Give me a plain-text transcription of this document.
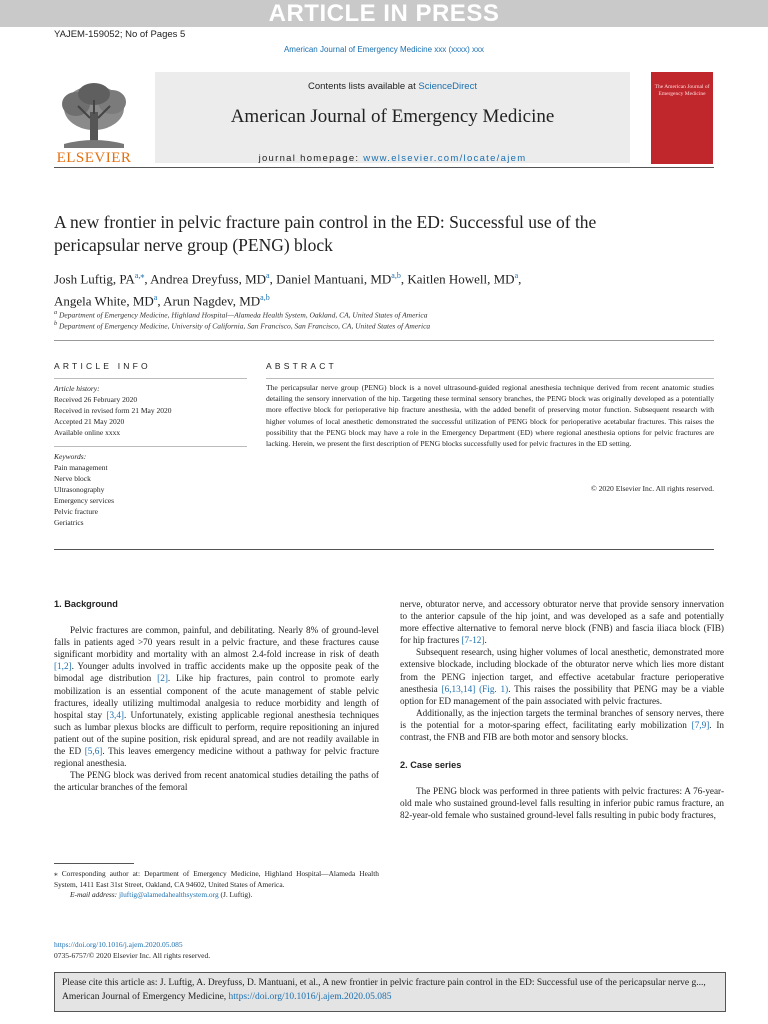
ARTICLE IN PRESS
YAJEM-159052; No of Pages 5
American Journal of Emergency Medicine xxx (xxxx) xxx
Contents lists available at ScienceDirect
American Journal of Emergency Medicine
journal homepage: www.elsevier.com/locate/ajem
ELSEVIER
The American Journal of Emergency Medicine
A new frontier in pelvic fracture pain control in the ED: Successful use of the pericapsular nerve group (PENG) block
Josh Luftig, $PA^{a,⁎}$, Andrea Dreyfuss, $MD^a$, Daniel Mantuani, MD$^{a,b}$, Kaitlen Howell, $MD^a$,
Angela White, $MD^a$, Arun Nagdev, MD$^{a,b}$
$^a$ Department of Emergency Medicine, Highland Hospital—Alameda Health System, Oakland, CA, United States of America
$^b$ Department of Emergency Medicine, University of California, San Francisco, San Francisco, CA, United States of America
ARTICLE INFO	ABSTRACT
Article history:
Received 26 February 2020
Received in revised form 21 May 2020
Accepted 21 May 2020
Available online xxxx
Keywords:
Pain management
Nerve block
Ultrasonography
Emergency services
Pelvic fracture
Geriatrics
The pericapsular nerve group (PENG) block is a novel ultrasound-guided regional anesthesia technique derived from recent anatomic studies detailing the sensory innervation of the hip. Targeting these terminal sensory branches, the PENG block was originally developed as a potentially more effective block for perioperative hip fracture anesthesia, with the added benefit of preserving motor function. Subsequent research with higher volumes of local anesthetic demonstrated the successful utilization of PENG block for perioperative acetabular fractures. This raises the possibility that the PENG block may have a role in the Emergency Department (ED) where regional anesthesia options for pelvic fractures are lacking. Herein, we present the first description of PENG blocks successfully used for pelvic fractures in the ED setting.
© 2020 Elsevier Inc. All rights reserved.
1. Background

Pelvic fractures are common, painful, and debilitating. Nearly 8% of ground-level falls in patients aged >70 years result in a pelvic fracture, and these fractures cause significant morbidity and mortality with an almost 2.4-fold increase in risk of death [1,2]. Younger adults involved in traffic accidents make up the opposite peak of the bimodal age distribution [2]. Like hip fractures, pain control to promote early mobilization is an essential component of the acute management of stable pelvic fractures, ideally utilizing multimodal analgesia to reduce morbidity and length of hospital stay [3,4]. Unfortunately, existing applicable regional anesthesia techniques such as lumbar plexus blocks are difficult to perform, require repositioning an injured patient out of the supine position, risk epidural spread, and are not readily available in the ED [5,6]. This leaves emergency medicine without a pathway for pelvic fracture regional anesthesia.

The PENG block was derived from recent anatomical studies detailing the paths of the articular branches of the femoral

⁎ Corresponding author at: Department of Emergency Medicine, Highland Hospital—Alameda Health System, 1411 East 31st Street, Oakland, CA 94602, United States of America.
E-mail address: jluftig@alamedahealthsystem.org (J. Luftig).
https://doi.org/10.1016/j.ajem.2020.05.085
0735-6757/© 2020 Elsevier Inc. All rights reserved.

nerve, obturator nerve, and accessory obturator nerve that provide sensory innervation to the anterior capsule of the hip joint, and was developed as a safe and potentially more effective alternative to femoral nerve block (FNB) and fascia iliaca block (FIB) for hip fractures [7-12].

Subsequent research, using higher volumes of local anesthetic, demonstrated more extensive blockade, including blockade of the obturator nerve which lies more distant from the PENG injection target, and effective acetabular fracture perioperative anesthesia [6,13,14] (Fig. 1). This raises the possibility that PENG may be a viable option for ED management of the pain associated with pelvic fractures.

Additionally, as the injection targets the terminal branches of sensory nerves, there is the potential for a motor-sparing effect, facilitating early mobilization [7,9]. In contrast, the FNB and FIB are both motor and sensory blocks.

2. Case series

The PENG block was performed in three patients with pelvic fractures: A 76-year-old male who sustained ground-level falls resulting in inferior pubic ramus fracture, an 82-year-old female who sustained ground-level falls resulting in pubic body fractures,

Please cite this article as: J. Luftig, A. Dreyfuss, D. Mantuani, et al., A new frontier in pelvic fracture pain control in the ED: Successful use of the pericapsular nerve g..., American Journal of Emergency Medicine, https://doi.org/10.1016/j.ajem.2020.05.085
